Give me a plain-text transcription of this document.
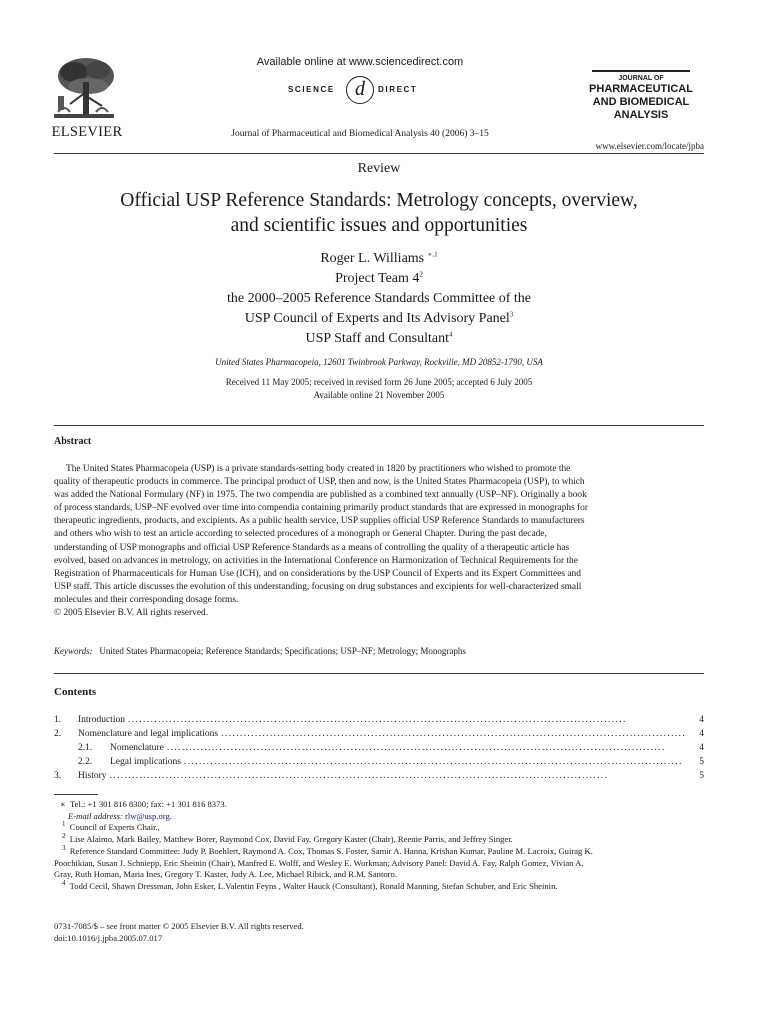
ELSEVIER
Available online at www.sciencedirect.com
SCIENCE	d	DIRECT
Journal of Pharmaceutical and Biomedical Analysis 40 (2006) 3–15
JOURNAL OF
PHARMACEUTICAL
AND BIOMEDICAL
ANALYSIS
www.elsevier.com/locate/jpba
Review
Official USP Reference Standards: Metrology concepts, overview,
and scientific issues and opportunities
Roger L. Williams $^{∗,1}$
Project Team $4^2$
the 2000–2005 Reference Standards Committee of the
USP Council of Experts and Its Advisory Panel$^3$
USP Staff and Consultant$^4$
United States Pharmacopeia, 12601 Twinbrook Parkway, Rockville, MD 20852-1790, USA
Received 11 May 2005; received in revised form 26 June 2005; accepted 6 July 2005
Available online 21 November 2005
Abstract
The United States Pharmacopeia (USP) is a private standards-setting body created in 1820 by practitioners who wished to promote the
quality of therapeutic products in commerce. The principal product of USP, then and now, is the United States Pharmacopeia (USP), to which
was added the National Formulary (NF) in 1975. The two compendia are published as a combined text annually (USP–NF). Originally a book
of process standards, USP–NF evolved over time into compendia containing primarily product standards that are expressed in monographs for
therapeutic ingredients, products, and excipients. As a public health service, USP supplies official USP Reference Standards to manufacturers
and others who wish to test an article according to selected procedures of a monograph or General Chapter. During the past decade,
understanding of USP monographs and official USP Reference Standards as a means of controlling the quality of a therapeutic article has
evolved, based on advances in metrology, on activities in the International Conference on Harmonization of Technical Requirements for the
Registration of Pharmaceuticals for Human Use (ICH), and on considerations by the USP Council of Experts and its Expert Committees and
USP staff. This article discusses the evolution of this understanding, focusing on drug substances and excipients for well-characterized small
molecules and their corresponding dosage forms.
© 2005 Elsevier B.V. All rights reserved.
Keywords: United States Pharmacopeia; Reference Standards; Specifications; USP–NF; Metrology; Monographs
Contents
1.	Introduction . . .	4
2.	Nomenclature and legal implications . . .	4
2.1.	Nomenclature . . .	4
2.2.	Legal implications . . .	5
3.	History . . .	5
∗ Tel.: +1 301 816 8300; fax: +1 301 816 8373.
E-mail address: rlw@usp.org.
$^1$ Council of Experts Chair.,
$^2$ Lise Alaimo, Mark Bailey, Matthew Borer, Raymond Cox, David Fay, Gregory Kaster (Chair), Reenie Parris, and Jeffrey Singer.
$^3$ Reference Standard Committee: Judy P. Boehlert, Raymond A. Cox, Thomas S. Foster, Samir A. Hanna, Krishan Kumar, Pauline M. Lacroix, Guirag K.
Poochikian, Susan J. Schniepp, Eric Sheinin (Chair), Manfred E. Wolff, and Wesley E. Workman; Advisory Panel: David A. Fay, Ralph Gomez, Vivian A.
Gray, Ruth Homan, Maria Ines, Gregory T. Kaster, Judy A. Lee, Michael Ribick, and R.M. Santoro.
$^4$ Todd Cecil, Shawn Dressman, John Esker, L.Valentin Feyns , Walter Hauck (Consultant), Ronald Manning, Stefan Schuber, and Eric Sheinin.
0731-7085/$ – see front matter © 2005 Elsevier B.V. All rights reserved.
doi:10.1016/j.jpba.2005.07.017
